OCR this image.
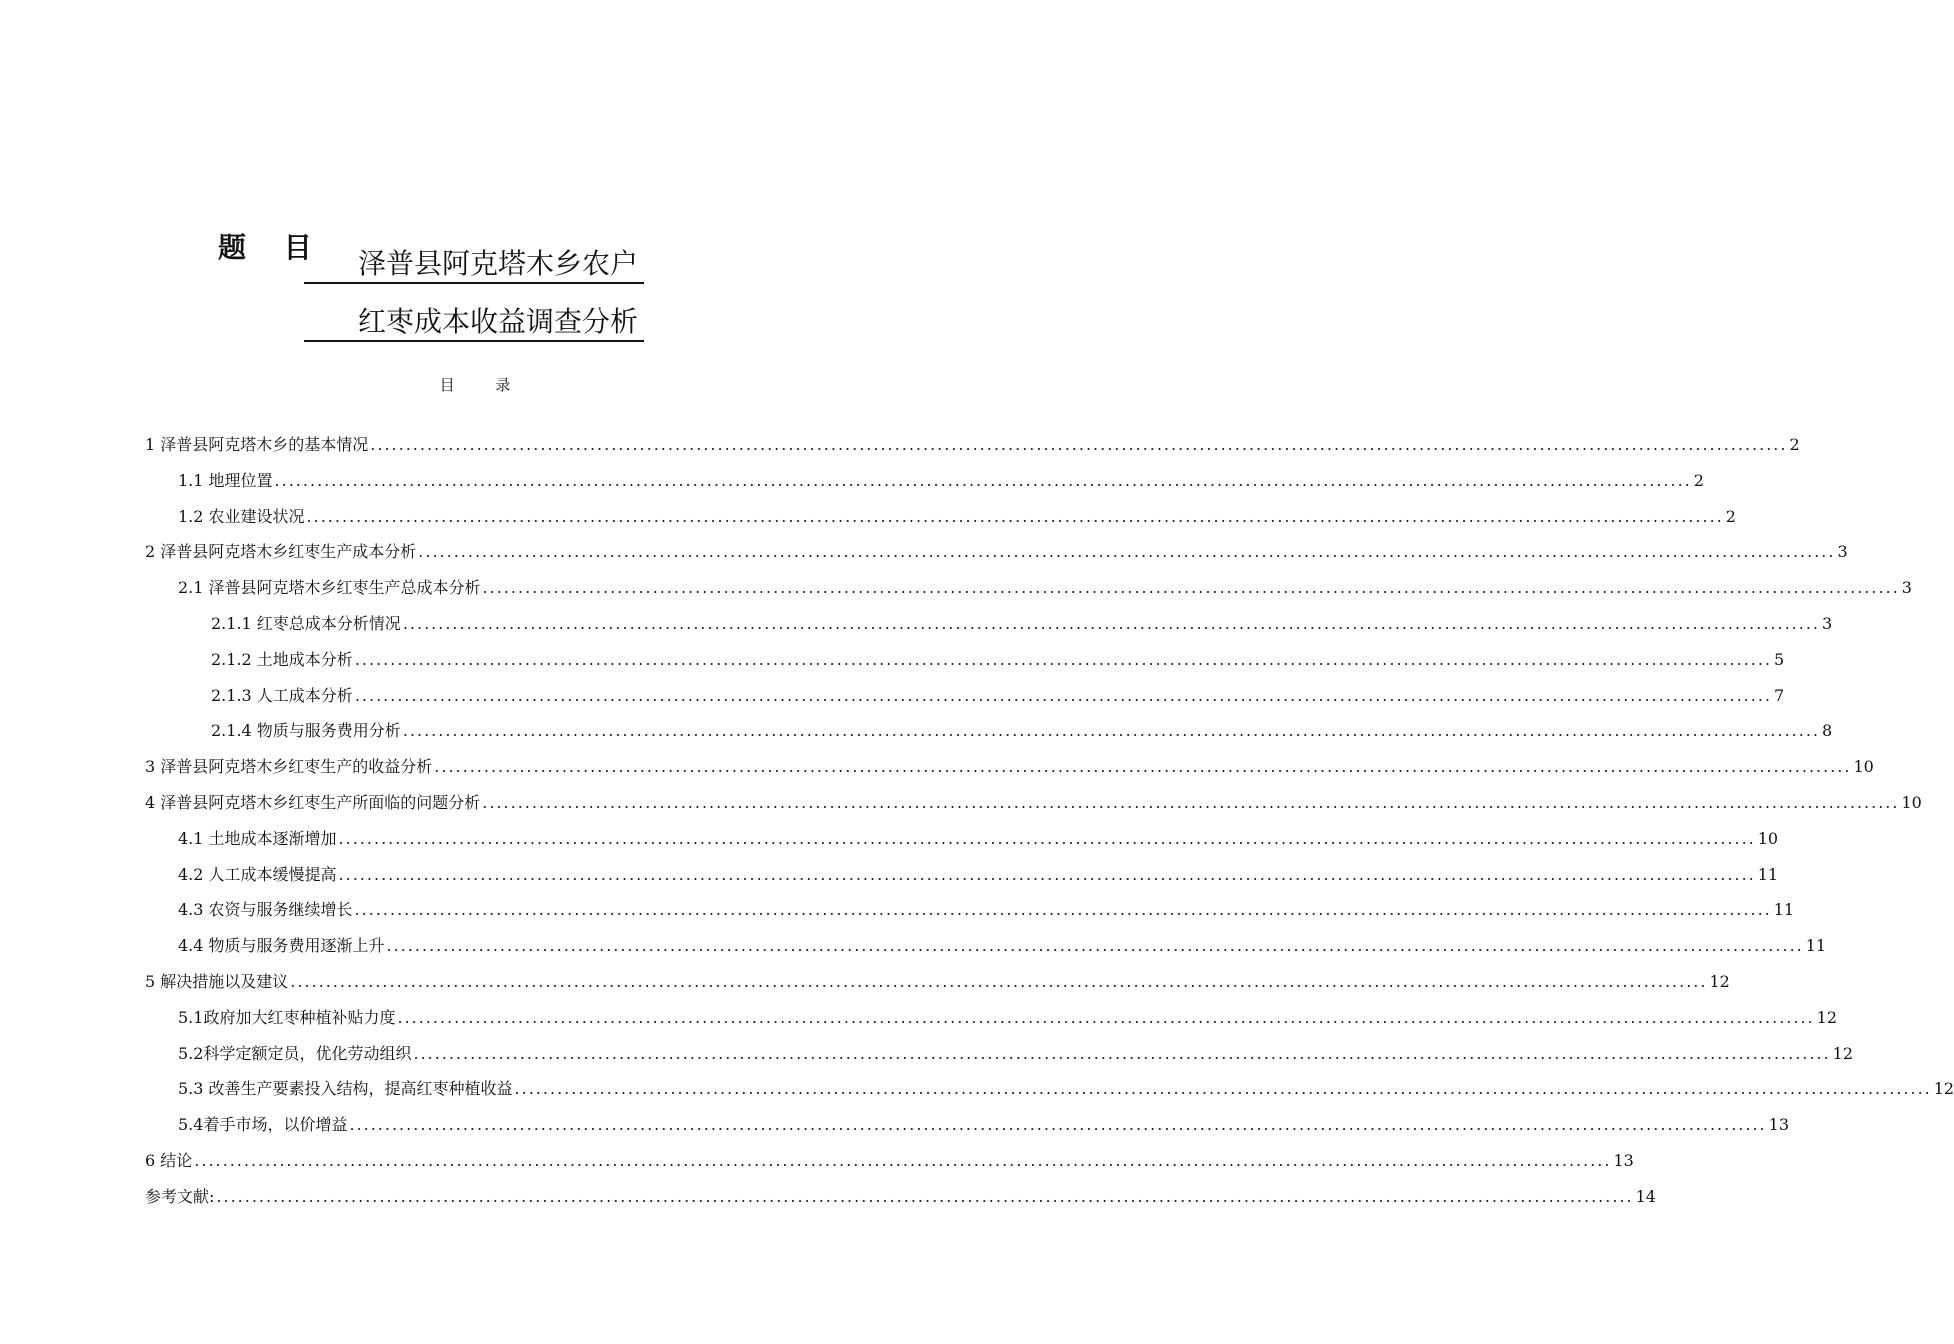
题 目	泽普县阿克塔木乡农户
红枣成本收益调查分析
目 录
1 泽普县阿克塔木乡的基本情况 ........................................................................................................................................................................................................ 2
1.1 地理位置 ........................................................................................................................................................................................................ 2
1.2 农业建设状况 ........................................................................................................................................................................................................ 2
2 泽普县阿克塔木乡红枣生产成本分析 ........................................................................................................................................................................................................ 3
2.1 泽普县阿克塔木乡红枣生产总成本分析 ........................................................................................................................................................................................................ 3
2.1.1 红枣总成本分析情况 ........................................................................................................................................................................................................ 3
2.1.2 土地成本分析 ........................................................................................................................................................................................................ 5
2.1.3 人工成本分析 ........................................................................................................................................................................................................ 7
2.1.4 物质与服务费用分析 ........................................................................................................................................................................................................ 8
3 泽普县阿克塔木乡红枣生产的收益分析 ........................................................................................................................................................................................................ 10
4 泽普县阿克塔木乡红枣生产所面临的问题分析 ........................................................................................................................................................................................................ 10
4.1 土地成本逐渐增加 ........................................................................................................................................................................................................ 10
4.2 人工成本缓慢提高 ........................................................................................................................................................................................................ 11
4.3 农资与服务继续增长 ........................................................................................................................................................................................................ 11
4.4 物质与服务费用逐渐上升 ........................................................................................................................................................................................................ 11
5 解决措施以及建议 ........................................................................................................................................................................................................ 12
5.1政府加大红枣种植补贴力度 ........................................................................................................................................................................................................ 12
5.2科学定额定员，优化劳动组织 ........................................................................................................................................................................................................ 12
5.3 改善生产要素投入结构，提高红枣种植收益 ........................................................................................................................................................................................................ 12
5.4着手市场，以价增益 ........................................................................................................................................................................................................ 13
6 结论 ........................................................................................................................................................................................................ 13
参考文献: ........................................................................................................................................................................................................ 14
